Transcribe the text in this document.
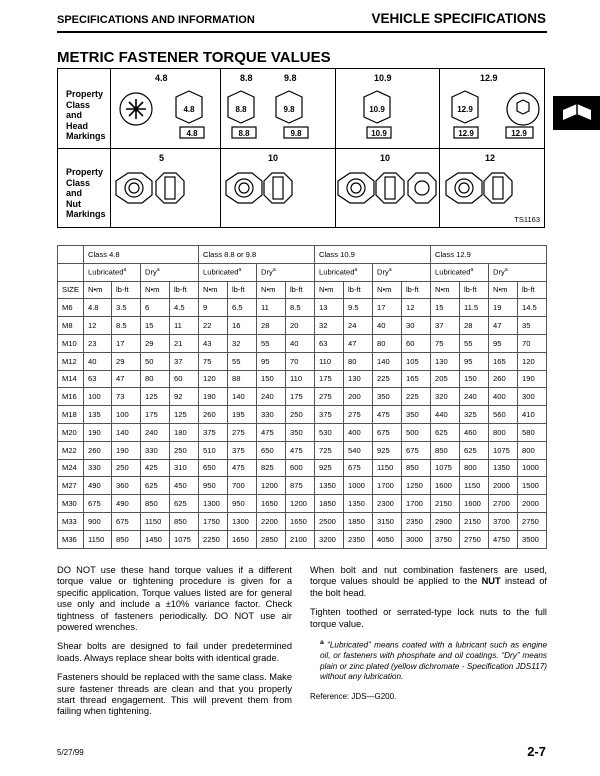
SPECIFICATIONS AND INFORMATION	VEHICLE SPECIFICATIONS
METRIC FASTENER TORQUE VALUES
Property
Class
and
Head
Markings
Property
Class
and
Nut
Markings
4.8	8.8	9.8	10.9	12.9
5	10	10	12
4.8
4.8
8.8
8.8
9.8
9.8
10.9
10.9
12.9
12.9	12.9
TS1163
	Class 4.8				Class 8.8 or 9.8				Class 10.9				Class 12.9			
	Lubricated$^a$		Dry$^a$		Lubricated$^a$		Dry$^a$		Lubricated$^a$		Dry$^a$		Lubricated$^a$		Dry$^a$
SIZE	N•m	lb-ft	N•m	lb-ft	N•m	lb-ft	N•m	lb-ft	N•m	lb-ft	N•m	lb-ft	N•m	lb-ft	N•m	lb-ft
M6	4.8	3.5	6	4.5	9	6.5	11	8.5	13	9.5	17	12	15	11.5	19	14.5
M8	12	8.5	15	11	22	16	28	20	32	24	40	30	37	28	47	35
M10	23	17	29	21	43	32	55	40	63	47	80	60	75	55	95	70
M12	40	29	50	37	75	55	95	70	110	80	140	105	130	95	165	120
M14	63	47	80	60	120	88	150	110	175	130	225	165	205	150	260	190
M16	100	73	125	92	190	140	240	175	275	200	350	225	320	240	400	300
M18	135	100	175	125	260	195	330	250	375	275	475	350	440	325	560	410
M20	190	140	240	180	375	275	475	350	530	400	675	500	625	460	800	580
M22	260	190	330	250	510	375	650	475	725	540	925	675	850	625	1075	800
M24	330	250	425	310	650	475	825	600	925	675	1150	850	1075	800	1350	1000
M27	490	360	625	450	950	700	1200	875	1350	1000	1700	1250	1600	1150	2000	1500
M30	675	490	850	625	1300	950	1650	1200	1850	1350	2300	1700	2150	1600	2700	2000
M33	900	675	1150	850	1750	1300	2200	1650	2500	1850	3150	2350	2900	2150	3700	2750
M36	1150	850	1450	1075	2250	1650	2850	2100	3200	2350	4050	3000	3750	2750	4750	3500

DO NOT use these hand torque values if a different torque value or tightening procedure is given for a specific application. Torque values listed are for general use only and include a ±10% variance factor. Check tightness of fasteners periodically. DO NOT use air powered wrenches.

Shear bolts are designed to fail under predetermined loads. Always replace shear bolts with identical grade.

Fasteners should be replaced with the same class. Make sure fastener threads are clean and that you properly start thread engagement. This will prevent them from failing when tightening.

When bolt and nut combination fasteners are used, torque values should be applied to the NUT instead of the bolt head.

Tighten toothed or serrated-type lock nuts to the full torque value.

$^a$ “Lubricated” means coated with a lubricant such as engine oil, or fasteners with phosphate and oil coatings. “Dry” means plain or zinc plated (yellow dichromate - Specification JDS117) without any lubrication.

Reference: JDS—G200.

5/27/99	2-7
